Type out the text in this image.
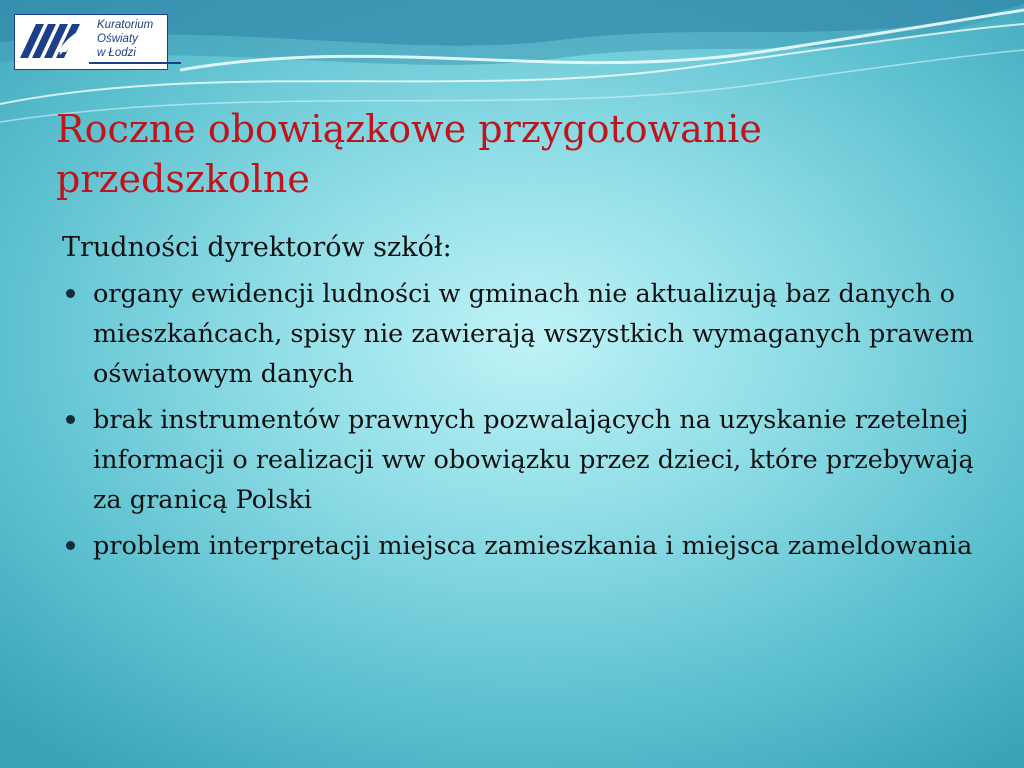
Kuratorium
Oświaty
w Łodzi
Roczne obowiązkowe przygotowanie
przedszkolne

Trudności dyrektorów szkół:

organy ewidencji ludności w gminach nie aktualizują baz danych o mieszkańcach, spisy nie zawierają wszystkich wymaganych prawem oświatowym danych
brak instrumentów prawnych pozwalających na uzyskanie rzetelnej informacji o realizacji ww obowiązku przez dzieci, które przebywają za granicą Polski
problem interpretacji miejsca zamieszkania i miejsca zameldowania
